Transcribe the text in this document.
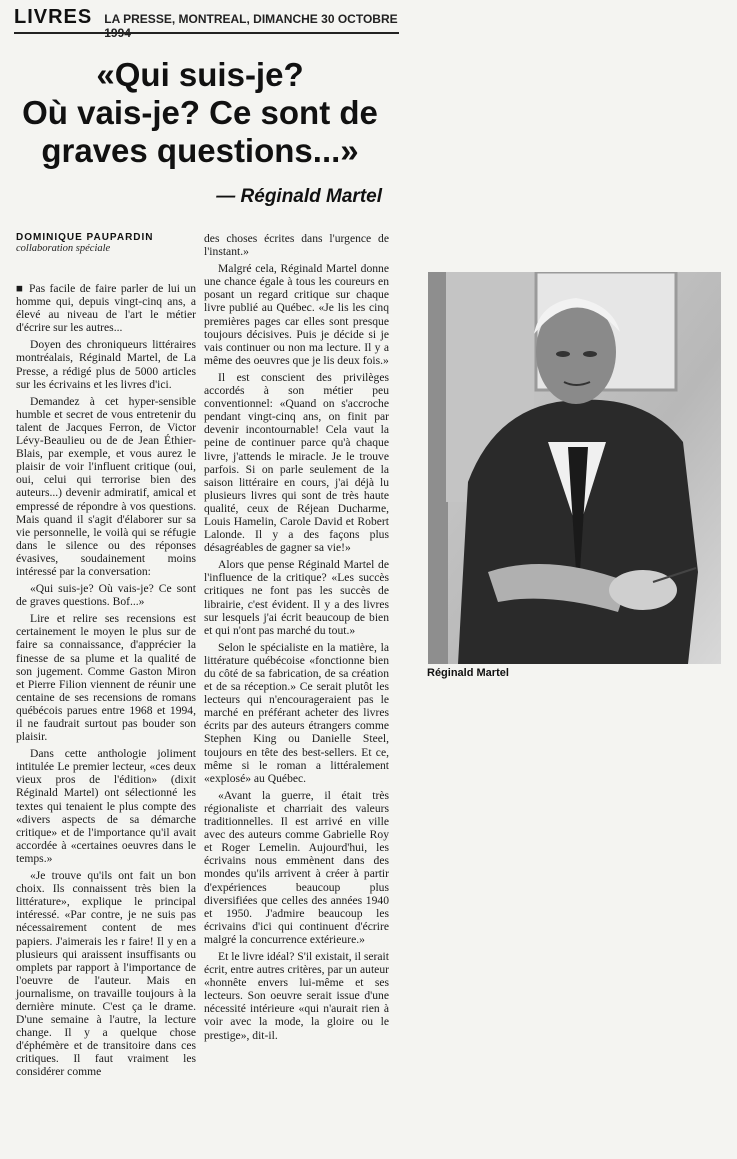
LIVRES LA PRESSE, MONTREAL, DIMANCHE 30 OCTOBRE 1994
«Qui suis-je?
Où vais-je? Ce sont de
graves questions...»
— Réginald Martel
DOMINIQUE PAUPARDIN
collaboration spéciale

■ Pas facile de faire parler de lui un homme qui, depuis vingt-cinq ans, a élevé au niveau de l'art le métier d'écrire sur les autres...

Doyen des chroniqueurs littéraires montréalais, Réginald Martel, de La Presse, a rédigé plus de 5000 articles sur les écrivains et les livres d'ici.

Demandez à cet hyper-sensible humble et secret de vous entretenir du talent de Jacques Ferron, de Victor Lévy-Beaulieu ou de de Jean Éthier-Blais, par exemple, et vous aurez le plaisir de voir l'influent critique (oui, oui, celui qui terrorise bien des auteurs...) devenir admiratif, amical et empressé de répondre à vos questions. Mais quand il s'agit d'élaborer sur sa vie personnelle, le voilà qui se réfugie dans le silence ou des réponses évasives, soudainement moins intéressé par la conversation:

«Qui suis-je? Où vais-je? Ce sont de graves questions. Bof...»

Lire et relire ses recensions est certainement le moyen le plus sur de faire sa connaissance, d'apprécier la finesse de sa plume et la qualité de son jugement. Comme Gaston Miron et Pierre Filion viennent de réunir une centaine de ses recensions de romans québécois parues entre 1968 et 1994, il ne faudrait surtout pas bouder son plaisir.

Dans cette anthologie joliment intitulée Le premier lecteur, «ces deux vieux pros de l'édition» (dixit Réginald Martel) ont sélectionné les textes qui tenaient le plus compte des «divers aspects de sa démarche critique» et de l'importance qu'il avait accordée à «certaines oeuvres dans le temps.»

«Je trouve qu'ils ont fait un bon choix. Ils connaissent très bien la littérature», explique le principal intéressé. «Par contre, je ne suis pas nécessairement content de mes papiers. J'aimerais les r faire! Il y en a plusieurs qui araissent insuffisants ou omplets par rapport à l'importance de l'oeuvre de l'auteur. Mais en journalisme, on travaille toujours à la dernière minute. C'est ça le drame. D'une semaine à l'autre, la lecture change. Il y a quelque chose d'éphémère et de transitoire dans ces critiques. Il faut vraiment les considérer comme

des choses écrites dans l'urgence de l'instant.»

Malgré cela, Réginald Martel donne une chance égale à tous les coureurs en posant un regard critique sur chaque livre publié au Québec. «Je lis les cinq premières pages car elles sont presque toujours décisives. Puis je décide si je vais continuer ou non ma lecture. Il y a même des oeuvres que je lis deux fois.»

Il est conscient des privilèges accordés à son métier peu conventionnel: «Quand on s'accroche pendant vingt-cinq ans, on finit par devenir incontournable! Cela vaut la peine de continuer parce qu'à chaque livre, j'attends le miracle. Je le trouve parfois. Si on parle seulement de la saison littéraire en cours, j'ai déjà lu plusieurs livres qui sont de très haute qualité, ceux de Réjean Ducharme, Louis Hamelin, Carole David et Robert Lalonde. Il y a des façons plus désagréables de gagner sa vie!»

Alors que pense Réginald Martel de l'influence de la critique? «Les succès critiques ne font pas les succès de librairie, c'est évident. Il y a des livres sur lesquels j'ai écrit beaucoup de bien et qui n'ont pas marché du tout.»

Selon le spécialiste en la matière, la littérature québécoise «fonctionne bien du côté de sa fabrication, de sa création et de sa réception.» Ce serait plutôt les lecteurs qui n'encourageraient pas le marché en préférant acheter des livres écrits par des auteurs étrangers comme Stephen King ou Danielle Steel, toujours en tête des best-sellers. Et ce, même si le roman a littéralement «explosé» au Québec.

«Avant la guerre, il était très régionaliste et charriait des valeurs traditionnelles. Il est arrivé en ville avec des auteurs comme Gabrielle Roy et Roger Lemelin. Aujourd'hui, les écrivains nous emmènent dans des mondes qu'ils arrivent à créer à partir d'expériences beaucoup plus diversifiées que celles des années 1940 et 1950. J'admire beaucoup les écrivains d'ici qui continuent d'écrire malgré la concurrence extérieure.»

Et le livre idéal? S'il existait, il serait écrit, entre autres critères, par un auteur «honnête envers lui-même et ses lecteurs. Son oeuvre serait issue d'une nécessité intérieure «qui n'aurait rien à voir avec la mode, la gloire ou le prestige», dit-il.

Réginald Martel
